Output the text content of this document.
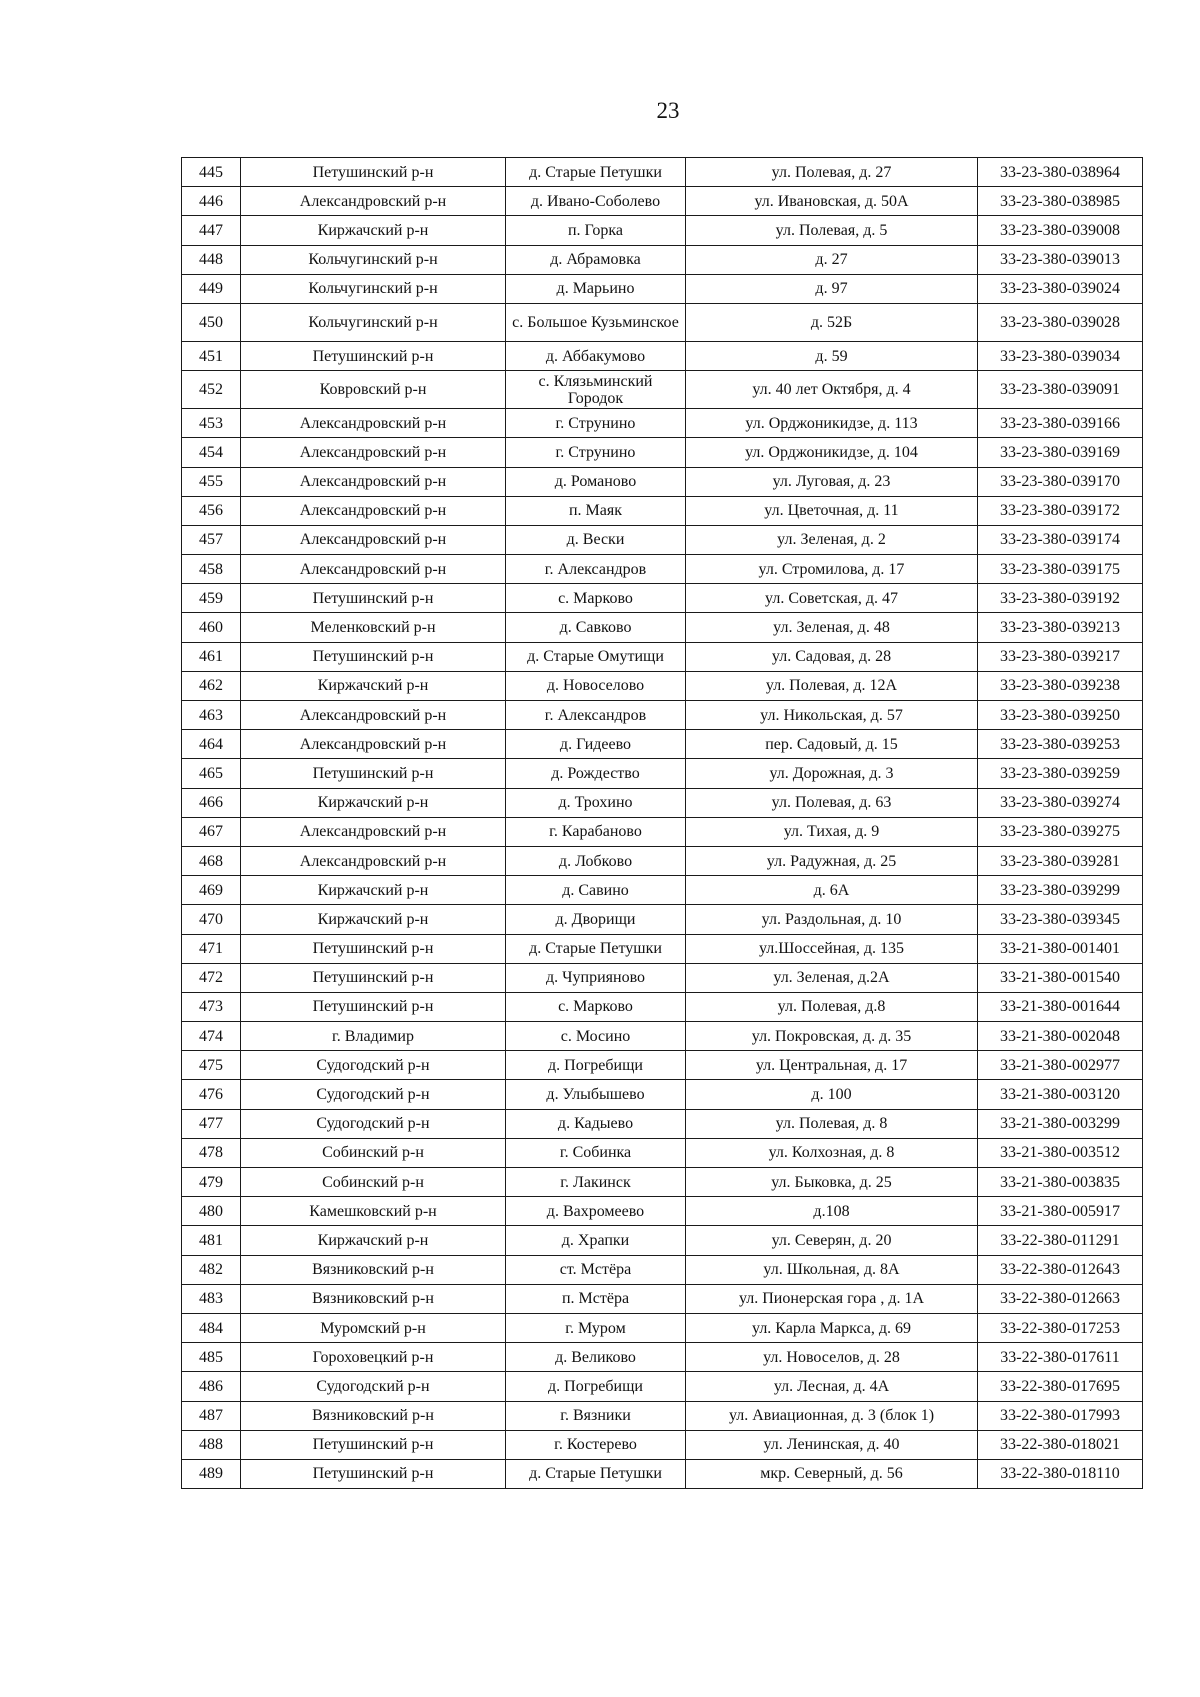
23
445	Петушинский р-н	д. Старые Петушки	ул. Полевая, д. 27	33-23-380-038964
446	Александровский р-н	д. Ивано-Соболево	ул. Ивановская, д. 50А	33-23-380-038985
447	Киржачский р-н	п. Горка	ул. Полевая, д. 5	33-23-380-039008
448	Кольчугинский р-н	д. Абрамовка	д. 27	33-23-380-039013
449	Кольчугинский р-н	д. Марьино	д. 97	33-23-380-039024
450	Кольчугинский р-н	с. Большое Кузьминское	д. 52Б	33-23-380-039028
451	Петушинский р-н	д. Аббакумово	д. 59	33-23-380-039034
452	Ковровский р-н	с. Клязьминский Городок	ул. 40 лет Октября, д. 4	33-23-380-039091
453	Александровский р-н	г. Струнино	ул. Орджоникидзе, д. 113	33-23-380-039166
454	Александровский р-н	г. Струнино	ул. Орджоникидзе, д. 104	33-23-380-039169
455	Александровский р-н	д. Романово	ул. Луговая, д. 23	33-23-380-039170
456	Александровский р-н	п. Маяк	ул. Цветочная, д. 11	33-23-380-039172
457	Александровский р-н	д. Вески	ул. Зеленая, д. 2	33-23-380-039174
458	Александровский р-н	г. Александров	ул. Стромилова, д. 17	33-23-380-039175
459	Петушинский р-н	с. Марково	ул. Советская, д. 47	33-23-380-039192
460	Меленковский р-н	д. Савково	ул. Зеленая, д. 48	33-23-380-039213
461	Петушинский р-н	д. Старые Омутищи	ул. Садовая, д. 28	33-23-380-039217
462	Киржачский р-н	д. Новоселово	ул. Полевая, д. 12А	33-23-380-039238
463	Александровский р-н	г. Александров	ул. Никольская, д. 57	33-23-380-039250
464	Александровский р-н	д. Гидеево	пер. Садовый, д. 15	33-23-380-039253
465	Петушинский р-н	д. Рождество	ул. Дорожная, д. 3	33-23-380-039259
466	Киржачский р-н	д. Трохино	ул. Полевая, д. 63	33-23-380-039274
467	Александровский р-н	г. Карабаново	ул. Тихая, д. 9	33-23-380-039275
468	Александровский р-н	д. Лобково	ул. Радужная, д. 25	33-23-380-039281
469	Киржачский р-н	д. Савино	д. 6А	33-23-380-039299
470	Киржачский р-н	д. Дворищи	ул. Раздольная, д. 10	33-23-380-039345
471	Петушинский р-н	д. Старые Петушки	ул.Шоссейная, д. 135	33-21-380-001401
472	Петушинский р-н	д. Чуприяново	ул. Зеленая, д.2А	33-21-380-001540
473	Петушинский р-н	с. Марково	ул. Полевая, д.8	33-21-380-001644
474	г. Владимир	с. Мосино	ул. Покровская, д. д. 35	33-21-380-002048
475	Судогодский р-н	д. Погребищи	ул. Центральная, д. 17	33-21-380-002977
476	Судогодский р-н	д. Улыбышево	д. 100	33-21-380-003120
477	Судогодский р-н	д. Кадыево	ул. Полевая, д. 8	33-21-380-003299
478	Собинский р-н	г. Собинка	ул. Колхозная, д. 8	33-21-380-003512
479	Собинский р-н	г. Лакинск	ул. Быковка, д. 25	33-21-380-003835
480	Камешковский р-н	д. Вахромеево	д.108	33-21-380-005917
481	Киржачский р-н	д. Храпки	ул. Северян, д. 20	33-22-380-011291
482	Вязниковский р-н	ст. Мстёра	ул. Школьная, д. 8А	33-22-380-012643
483	Вязниковский р-н	п. Мстёра	ул. Пионерская гора , д. 1А	33-22-380-012663
484	Муромский р-н	г. Муром	ул. Карла Маркса, д. 69	33-22-380-017253
485	Гороховецкий р-н	д. Великово	ул. Новоселов, д. 28	33-22-380-017611
486	Судогодский р-н	д. Погребищи	ул. Лесная, д. 4А	33-22-380-017695
487	Вязниковский р-н	г. Вязники	ул. Авиационная, д. 3 (блок 1)	33-22-380-017993
488	Петушинский р-н	г. Костерево	ул. Ленинская, д. 40	33-22-380-018021
489	Петушинский р-н	д. Старые Петушки	мкр. Северный, д. 56	33-22-380-018110
